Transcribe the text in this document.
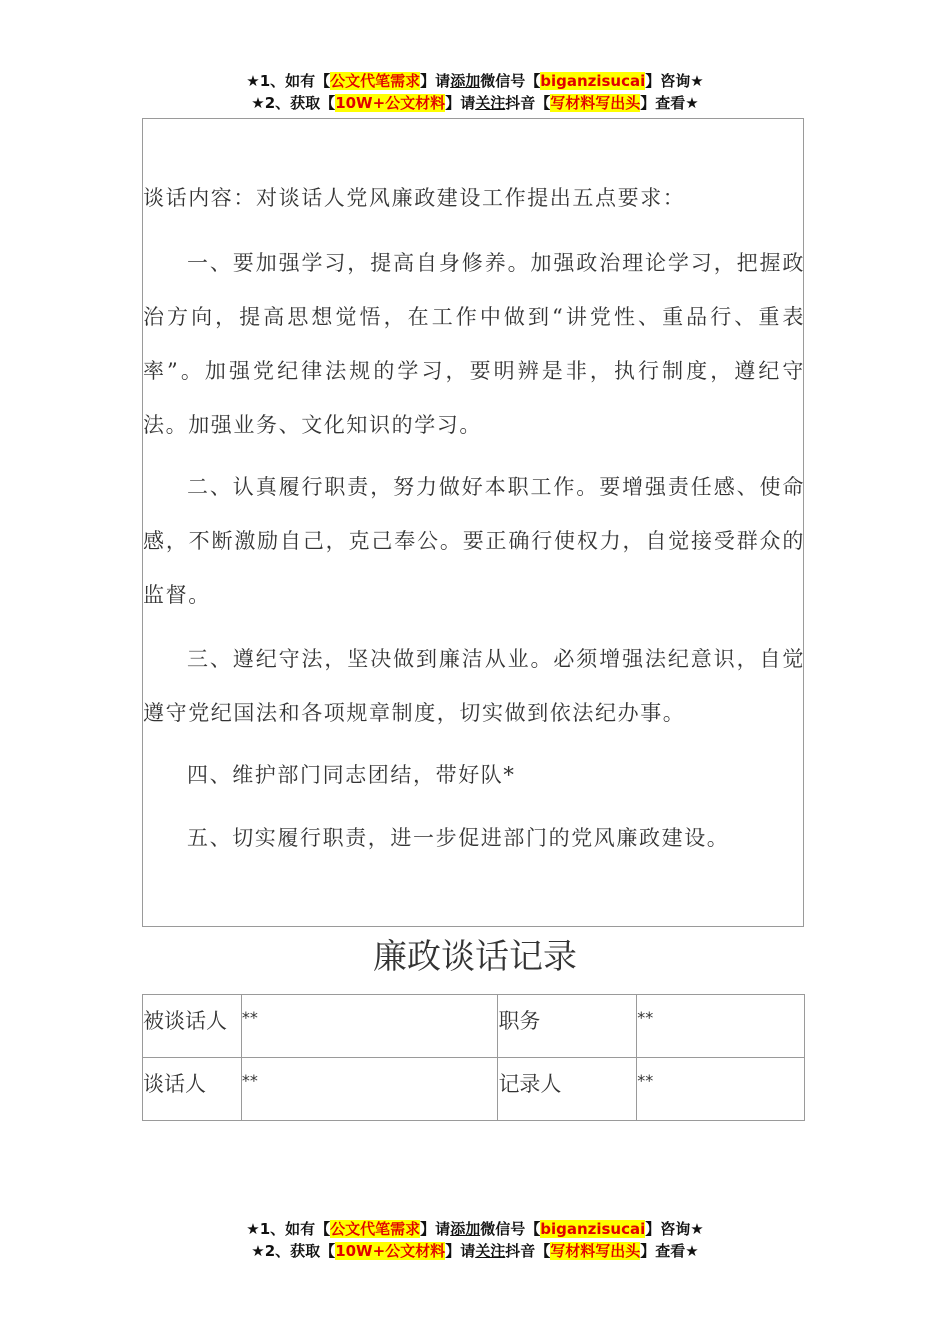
★1、如有【公文代笔需求】请添加微信号【biganzisucai】咨询★
★2、获取【10W+公文材料】请关注抖音【写材料写出头】查看★

谈话内容：对谈话人党风廉政建设工作提出五点要求：

一、要加强学习，提高自身修养。加强政治理论学习，把握政治方向，提高思想觉悟，在工作中做到“讲党性、重品行、重表率”。加强党纪律法规的学习，要明辨是非，执行制度，遵纪守法。加强业务、文化知识的学习。

二、认真履行职责，努力做好本职工作。要增强责任感、使命感，不断激励自己，克己奉公。要正确行使权力，自觉接受群众的监督。

三、遵纪守法，坚决做到廉洁从业。必须增强法纪意识，自觉遵守党纪国法和各项规章制度，切实做到依法纪办事。

四、维护部门同志团结，带好队*

五、切实履行职责，进一步促进部门的党风廉政建设。

廉政谈话记录
被谈话人	**	职务	**
谈话人	**	记录人	**
★1、如有【公文代笔需求】请添加微信号【biganzisucai】咨询★
★2、获取【10W+公文材料】请关注抖音【写材料写出头】查看★
